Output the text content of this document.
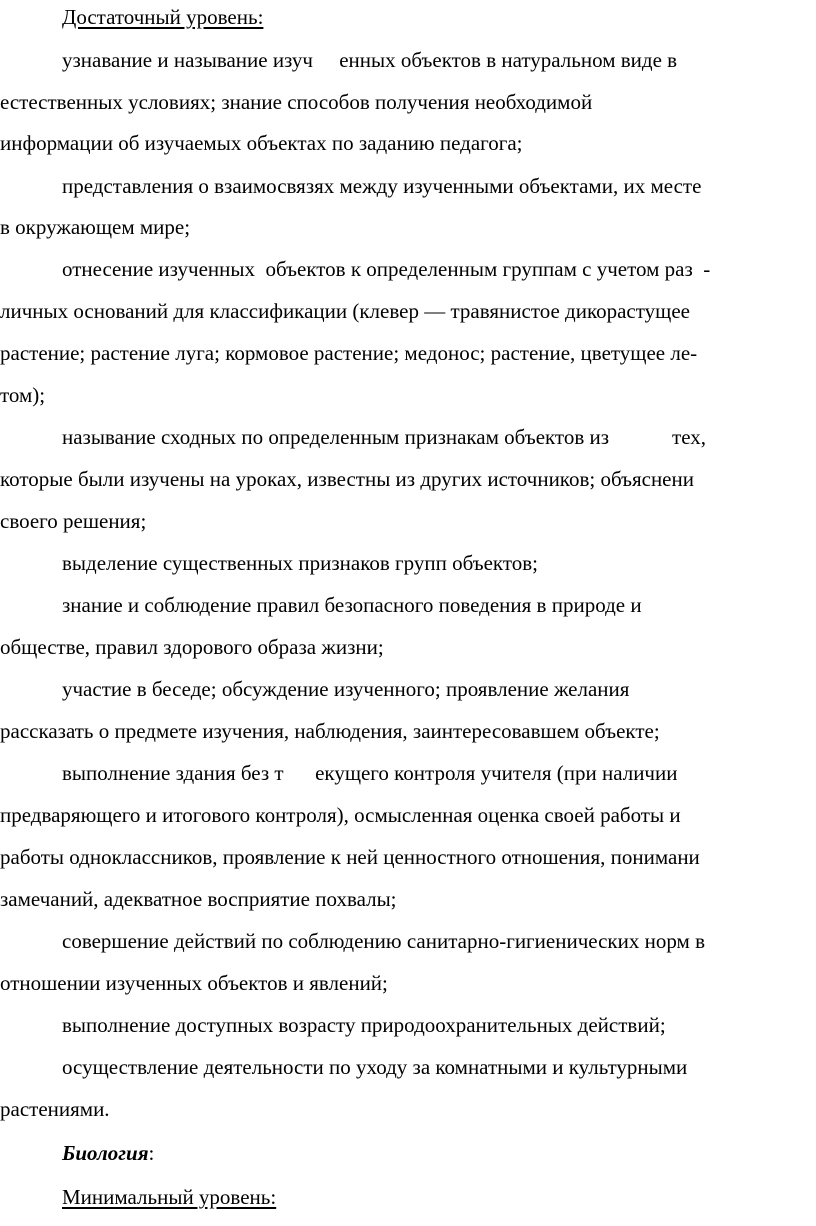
Достаточный уровень:

узнавание и называние изуч     енных объектов в натуральном виде в

естественных условиях; знание способов получения необходимой

информации об изучаемых объектах по заданию педагога;

представления о взаимосвязях между изученными объектами, их месте

в окружающем мире;

отнесение изученных  объектов к определенным группам с учетом раз  -

личных оснований для классификации (клевер — травянистое дикорастущее

растение; растение луга; кормовое растение; медонос; растение, цветущее ле-

том);

называние сходных по определенным признакам объектов из            тех,

которые были изучены на уроках, известны из других источников; объяснени

своего решения;

выделение существенных признаков групп объектов;

знание и соблюдение правил безопасного поведения в природе и

обществе, правил здорового образа жизни;

участие в беседе; обсуждение изученного; проявление желания

рассказать о предмете изучения, наблюдения, заинтересовавшем объекте;

выполнение здания без т      екущего контроля учителя (при наличии

предваряющего и итогового контроля), осмысленная оценка своей работы и

работы одноклассников, проявление к ней ценностного отношения, понимани

замечаний, адекватное восприятие похвалы;

совершение действий по соблюдению санитарно-гигиенических норм в

отношении изученных объектов и явлений;

выполнение доступных возрасту природоохранительных действий;

осуществление деятельности по уходу за комнатными и культурными

растениями.

Биология:

Минимальный уровень:
